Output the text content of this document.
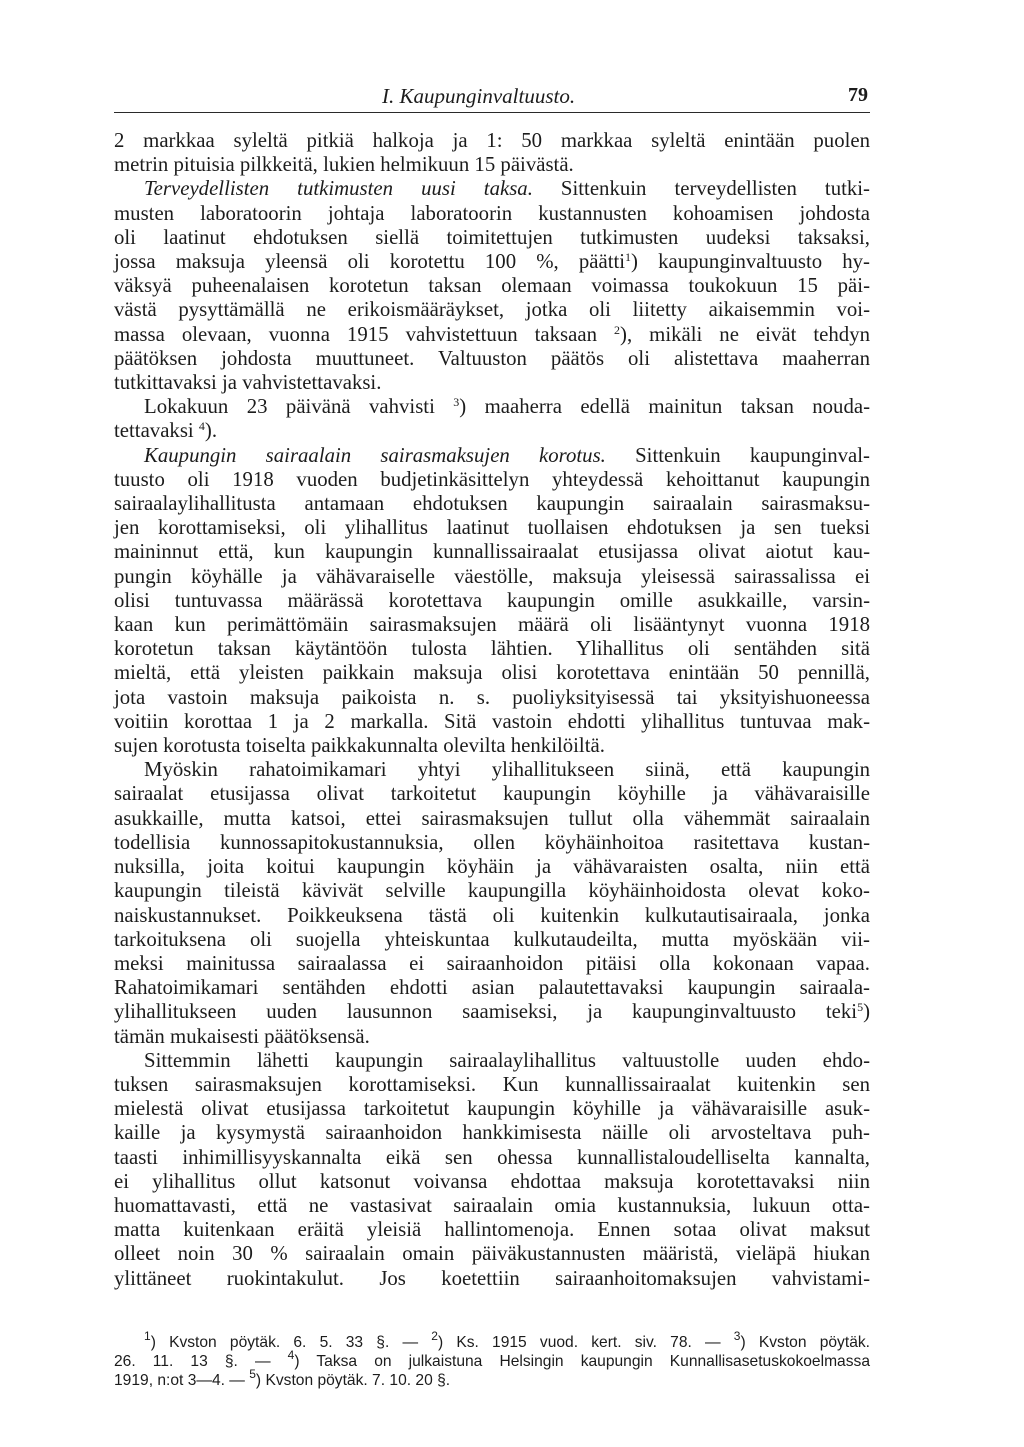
I. Kaupunginvaltuusto.	79
2 markkaa syleltä pitkiä halkoja ja 1: 50 markkaa syleltä enintään puolen
metrin pituisia pilkkeitä, lukien helmikuun 15 päivästä.
Terveydellisten tutkimusten uusi taksa. Sittenkuin terveydellisten tutki-
musten laboratoorin johtaja laboratoorin kustannusten kohoamisen johdosta
oli laatinut ehdotuksen siellä toimitettujen tutkimusten uudeksi taksaksi,
jossa maksuja yleensä oli korotettu 100 %, päätti$^1$) kaupunginvaltuusto hy-
väksyä puheenalaisen korotetun taksan olemaan voimassa toukokuun 15 päi-
västä pysyttämällä ne erikoismääräykset, jotka oli liitetty aikaisemmin voi-
massa olevaan, vuonna 1915 vahvistettuun taksaan $^2$), mikäli ne eivät tehdyn
päätöksen johdosta muuttuneet. Valtuuston päätös oli alistettava maaherran
tutkittavaksi ja vahvistettavaksi.
Lokakuun 23 päivänä vahvisti $^3$) maaherra edellä mainitun taksan nouda-
tettavaksi $^4$).
Kaupungin sairaalain sairasmaksujen korotus. Sittenkuin kaupunginval-
tuusto oli 1918 vuoden budjetinkäsittelyn yhteydessä kehoittanut kaupungin
sairaalaylihallitusta antamaan ehdotuksen kaupungin sairaalain sairasmaksu-
jen korottamiseksi, oli ylihallitus laatinut tuollaisen ehdotuksen ja sen tueksi
maininnut että, kun kaupungin kunnallissairaalat etusijassa olivat aiotut kau-
pungin köyhälle ja vähävaraiselle väestölle, maksuja yleisessä sairassalissa ei
olisi tuntuvassa määrässä korotettava kaupungin omille asukkaille, varsin-
kaan kun perimättömäin sairasmaksujen määrä oli lisääntynyt vuonna 1918
korotetun taksan käytäntöön tulosta lähtien. Ylihallitus oli sentähden sitä
mieltä, että yleisten paikkain maksuja olisi korotettava enintään 50 pennillä,
jota vastoin maksuja paikoista n. s. puoliyksityisessä tai yksityishuoneessa
voitiin korottaa 1 ja 2 markalla. Sitä vastoin ehdotti ylihallitus tuntuvaa mak-
sujen korotusta toiselta paikkakunnalta olevilta henkilöiltä.
Myöskin rahatoimikamari yhtyi ylihallitukseen siinä, että kaupungin
sairaalat etusijassa olivat tarkoitetut kaupungin köyhille ja vähävaraisille
asukkaille, mutta katsoi, ettei sairasmaksujen tullut olla vähemmät sairaalain
todellisia kunnossapitokustannuksia, ollen köyhäinhoitoa rasitettava kustan-
nuksilla, joita koitui kaupungin köyhäin ja vähävaraisten osalta, niin että
kaupungin tileistä kävivät selville kaupungilla köyhäinhoidosta olevat koko-
naiskustannukset. Poikkeuksena tästä oli kuitenkin kulkutautisairaala, jonka
tarkoituksena oli suojella yhteiskuntaa kulkutaudeilta, mutta myöskään vii-
meksi mainitussa sairaalassa ei sairaanhoidon pitäisi olla kokonaan vapaa.
Rahatoimikamari sentähden ehdotti asian palautettavaksi kaupungin sairaala-
ylihallitukseen uuden lausunnon saamiseksi, ja kaupunginvaltuusto teki$^5$)
tämän mukaisesti päätöksensä.
Sittemmin lähetti kaupungin sairaalaylihallitus valtuustolle uuden ehdo-
tuksen sairasmaksujen korottamiseksi. Kun kunnallissairaalat kuitenkin sen
mielestä olivat etusijassa tarkoitetut kaupungin köyhille ja vähävaraisille asuk-
kaille ja kysymystä sairaanhoidon hankkimisesta näille oli arvosteltava puh-
taasti inhimillisyyskannalta eikä sen ohessa kunnallistaloudelliselta kannalta,
ei ylihallitus ollut katsonut voivansa ehdottaa maksuja korotettavaksi niin
huomattavasti, että ne vastasivat sairaalain omia kustannuksia, lukuun otta-
matta kuitenkaan eräitä yleisiä hallintomenoja. Ennen sotaa olivat maksut
olleet noin 30 % sairaalain omain päiväkustannusten määristä, vieläpä hiukan
ylittäneet ruokintakulut. Jos koetettiin sairaanhoitomaksujen vahvistami-
$^1$) Kvston pöytäk. 6. 5. 33 §. — $^2$) Ks. 1915 vuod. kert. siv. 78. — $^3$) Kvston pöytäk.
26. 11. 13 §. — $^4$) Taksa on julkaistuna Helsingin kaupungin Kunnallisasetuskokoelmassa
1919, n:ot 3—4. — $^5$) Kvston pöytäk. 7. 10. 20 §.
